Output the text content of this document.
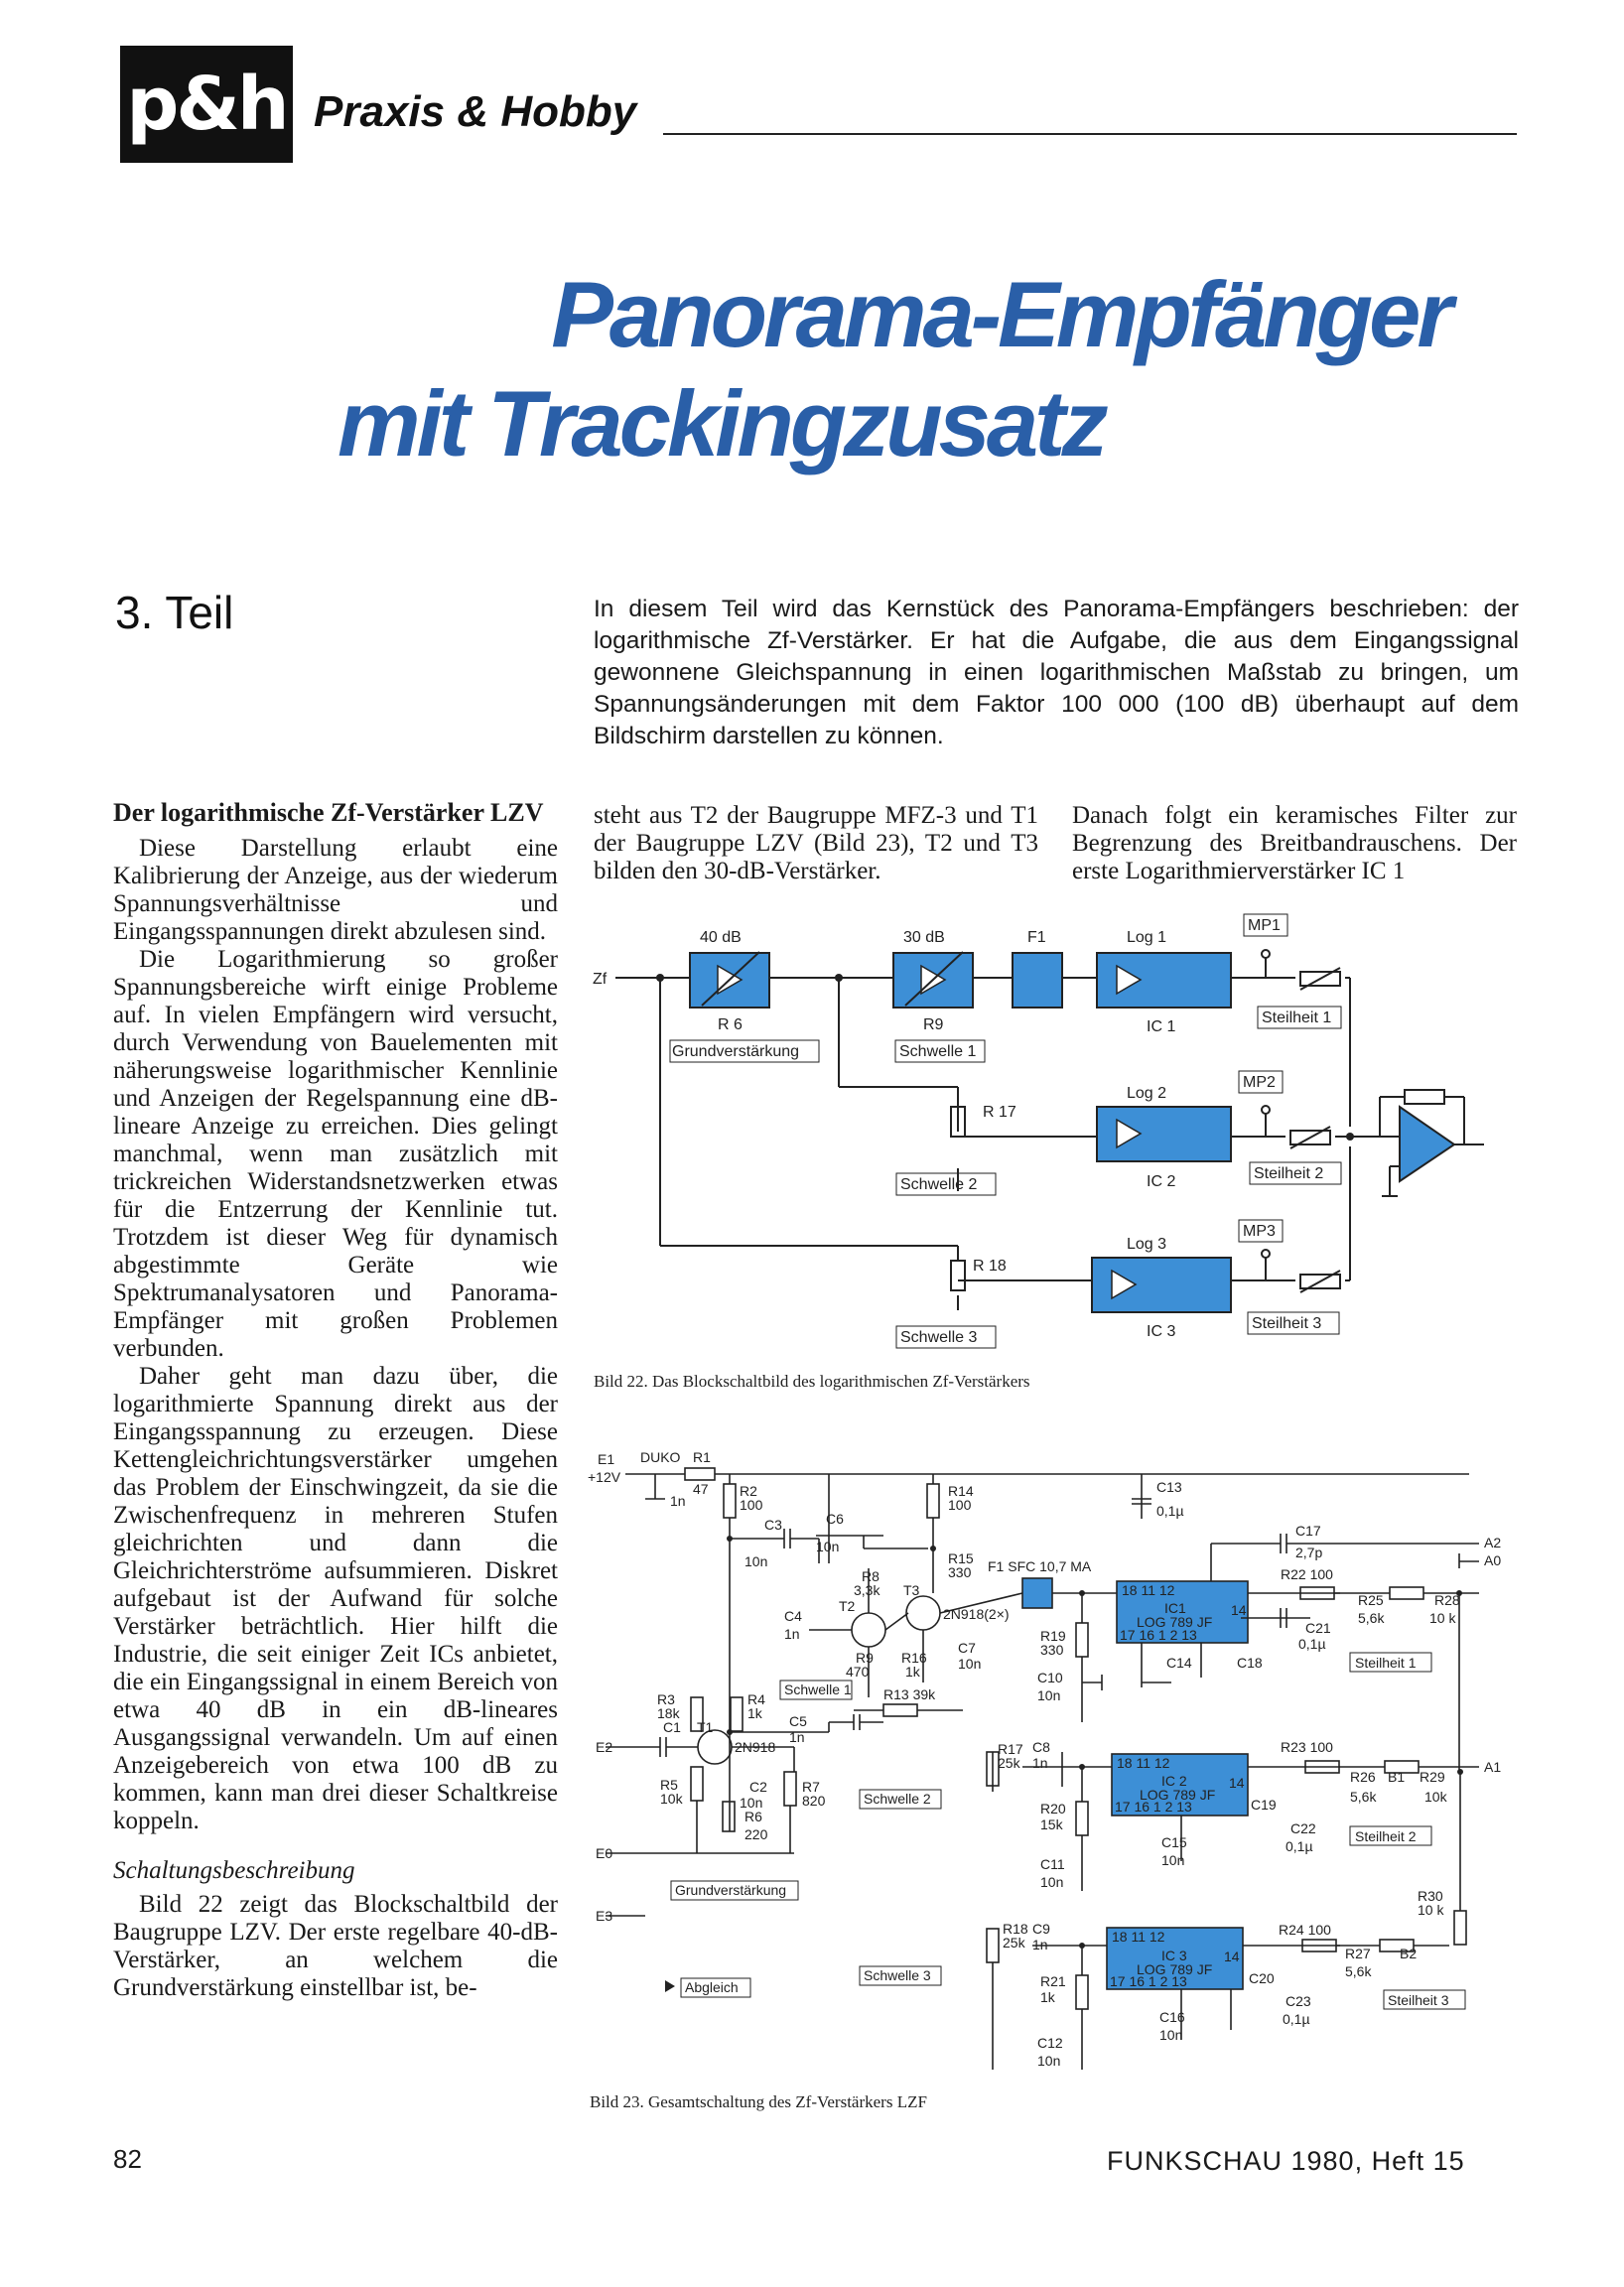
p&h Praxis & Hobby
Panorama-Empfänger
mit Trackingzusatz
3. Teil	In diesem Teil wird das Kernstück des Panorama-Empfängers beschrieben: der logarithmische Zf-Verstärker. Er hat die Aufgabe, die aus dem Eingangssignal gewonnene Gleichspannung in einen logarithmischen Maßstab zu bringen, um Spannungsänderungen mit dem Faktor 100 000 (100 dB) überhaupt auf dem Bildschirm darstellen zu können.
Der logarithmische Zf-Verstärker LZV

Diese Darstellung erlaubt eine Kalibrierung der Anzeige, aus der wiederum Spannungsverhältnisse und Eingangsspannungen direkt abzulesen sind.

Die Logarithmierung so großer Spannungsbereiche wirft einige Probleme auf. In vielen Empfängern wird versucht, durch Verwendung von Bauelementen mit näherungsweise logarithmischer Kennlinie und Anzeigen der Regelspannung eine dB-lineare Anzeige zu erreichen. Dies gelingt manchmal, wenn man zusätzlich mit trickreichen Widerstandsnetzwerken etwas für die Entzerrung der Kennlinie tut. Trotzdem ist dieser Weg für dynamisch abgestimmte Geräte wie Spektrumanalysatoren und Panorama-Empfänger mit großen Problemen verbunden.

Daher geht man dazu über, die logarithmierte Spannung direkt aus der Eingangsspannung zu erzeugen. Diese Kettengleichrichtungsverstärker umgehen das Problem der Einschwingzeit, da sie die Zwischenfrequenz in mehreren Stufen gleichrichten und dann die Gleichrichterströme aufsummieren. Diskret aufgebaut ist der Aufwand für solche Verstärker beträchtlich. Hier hilft die Industrie, die seit einiger Zeit ICs anbietet, die ein Eingangssignal in einem Bereich von etwa 40 dB in ein dB-lineares Ausgangssignal verwandeln. Um auf einen Anzeigebereich von etwa 100 dB zu kommen, kann man drei dieser Schaltkreise koppeln.

Schaltungsbeschreibung

Bild 22 zeigt das Blockschaltbild der Baugruppe LZV. Der erste regelbare 40-dB-Verstärker, an welchem die Grundverstärkung einstellbar ist, be-

steht aus T2 der Baugruppe MFZ-3 und T1 der Baugruppe LZV (Bild 23), T2 und T3 bilden den 30-dB-Verstärker.
Danach folgt ein keramisches Filter zur Begrenzung des Breitbandrauschens. Der erste Logarithmierverstärker IC 1
Zf
40 dB
R 6
30 dB
R9
F1	Log 1
Log 2
Log 3
IC 1
IC 2
IC 3
R 17
R 18
MP1
MP2
MP3
Grundverstärkung	Schwelle 1
Schwelle 2
Schwelle 3
Steilheit 1
Steilheit 2
Steilheit 3
Bild 22. Das Blockschaltbild des logarithmischen Zf-Verstärkers
E1
+12V
DUKO R1
47
1n
R2
100
C3
10n
C6
10n
R14
100
C13
0,1µ
C17
2,7p
A2
A0
R8
3,3k
R15
330
T3
F1 SFC 10,7 MA
T2	2N918(2×)
R22 100
R25
5,6k
R28
10 k
C4
1n
R9
470
R16
1k
C7
10n
R19
330
IC1
LOG 789 JF
18 11 12
14
17 16 1 2 13	C21
0,1µ
C18
C14
C10
10n
Schwelle 1 R13 39k
Steilheit 1
R3
18k
R4
1k C5
1n
E2
C1 T1
2N918	R17
25k
C8
1n
IC 2
LOG 789 JF
18 11 12
14
17 16 1 2 13
R23 100
R26 B1 R29
10k
5,6k
A1
R5
10k
C2
10n
R7
820
R6
220
Schwelle 2
R20
15k
C19
C22
0,1µ
C15
10n
Steilheit 2
E0
C11
10n
Grundverstärkung
E3
R30
10 k
R18
25k
C9
1n
IC 3
LOG 789 JF
18 11 12
14
17 16 1 2 13
R24 100
R27
5,6k
B2
Abgleich
Schwelle 3	R21
1k
C20
C23
0,1µ
C16
10n
C12
10n
Steilheit 3
Bild 23. Gesamtschaltung des Zf-Verstärkers LZF
82	FUNKSCHAU 1980, Heft 15
